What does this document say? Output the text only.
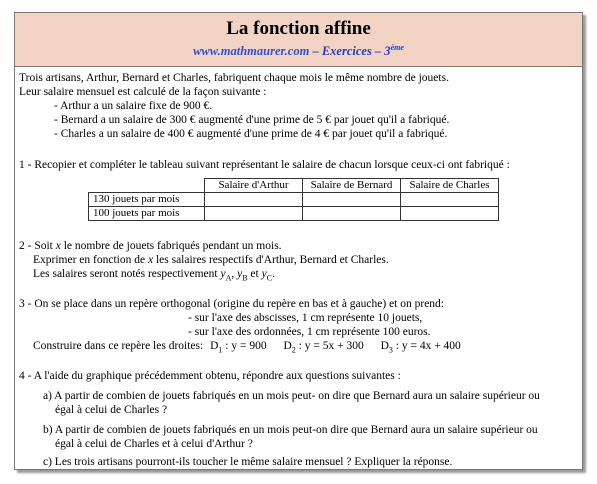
La fonction affine
www.mathmaurer.com – Exercices – 3ème
Trois artisans, Arthur, Bernard et Charles, fabriquent chaque mois le même nombre de jouets.
Leur salaire mensuel est calculé de la façon suivante :
- Arthur a un salaire fixe de 900 €.
- Bernard a un salaire de 300 € augmenté d'une prime de 5 € par jouet qu'il a fabriqué.
- Charles a un salaire de 400 € augmenté d'une prime de 4 € par jouet qu'il a fabriqué.
1 - Recopier et compléter le tableau suivant représentant le salaire de chacun lorsque ceux-ci ont fabriqué :
	Salaire d'Arthur	Salaire de Bernard	Salaire de Charles
130 jouets par mois			
100 jouets par mois			
2 - Soit x le nombre de jouets fabriqués pendant un mois.
Exprimer en fonction de x les salaires respectifs d'Arthur, Bernard et Charles.
Les salaires seront notés respectivement $y_A$, $y_B$ et $y_C$.
3 - On se place dans un repère orthogonal (origine du repère en bas et à gauche) et on prend:
- sur l'axe des abscisses, 1 cm représente 10 jouets,
- sur l'axe des ordonnées, 1 cm représente 100 euros.
Construire dans ce repère les droites: $D_1$ : y = 900 $D_2$ : y = 5x + 300 $D_3$ : y = 4x + 400
4 - A l'aide du graphique précédemment obtenu, répondre aux questions suivantes :
a) A partir de combien de jouets fabriqués en un mois peut- on dire que Bernard aura un salaire supérieur ou
égal à celui de Charles ?
b) A partir de combien de jouets fabriqués en un mois peut-on dire que Bernard aura un salaire supérieur ou
égal à celui de Charles et à celui d'Arthur ?
c) Les trois artisans pourront-ils toucher le même salaire mensuel ? Expliquer la réponse.
